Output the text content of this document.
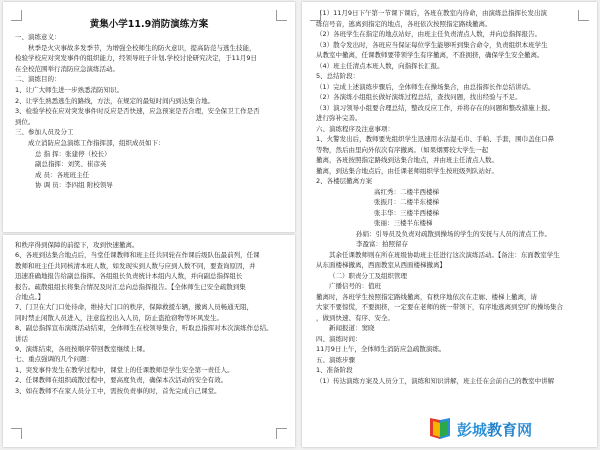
黄集小学11.9消防演练方案
一、演练意义：
秋季是火灾事故多发季节，为增强全校师生的防火意识，提高防范与逃生技能，
检验学校应对突发事件的组织能力，经领导班子计划,学校讨论研究决定，于11月9日
在全校范围举行消防应急演练活动。
二、演练目的：
1、让广大师生进一步熟悉消防知识。
2、让学生熟悉逃生的路线，方法，在规定的最短时间内到达集合地。
3、检验学校在应对突发事件时反应是否快速，应急预案是否合理，安全保卫工作是否
到位。
三、参加人员及分工
成立消防应急演练工作指挥部，组织成员如下：
总 指 挥：张建停（校长）
副总指挥：刘笑、崔彦英
成 员：各班班主任
协 调 员：李四组 附校领导
和秩序得到保障的前提下，攻到快速撤离。
6、各班到达集合地点后，当堂任课教师和班主任共同轮在作课后级队伍最前列，任课
教师和班主任共同核清本班人数，如发现实到人数与应到人数不同，要查询原因，并
迅速准确地报告给副总指挥。各组组长负责统计本组内人数，并向副总指挥组长
报告。疏散组组长将集合情况及时汇总向总指挥报告。【全体师生已安全疏散到集
合地点。】
7、门卫在大门口处待命，维持大门口的秩序，保障救援车辆，撤离人员畅通无阻，
同时禁止闲散人员进入，注意监控出入人员，防止盗抢窃物等坏风发生。
8、副总指挥宣布演练活动结束，全体师生在校领导集合，听取总指挥对本次演练作总结。
讲话
9、演练结束，各班按顺序带回教室继续上课。
七、重点强调的几个问题：
1、突发事件发生在教学过程中，课堂上的任课教师是学生安全第一责任人。
2、任课教师在组织疏散过程中，要高度负责，确保本次活动的安全有效。
3、如在教师不在家人员分工中，需按负责事的时，首先完成自己课堂。
（1）11月9日下午第一节课下课后，各班在教室内待命，由演练总指挥长发出演
练信号音，逃离到指定的地点，各班依次按照指定路线撤离。
（2）各班学生在指定的地点站好，由班主任负责清点人数，并向总指挥报告。
（3）散令发出时，各班应当保证每位学生能够听到集合命令，负责组织本班学生
从教室中撤离，任课教师要带领学生有序撤离，不准拥挤，确保学生安全撤离。
（4）班主任清点本班人数，向指挥长汇报。
5、总结阶段：
（1）完成上述演练步骤后，全体师生在操场集合，由总指挥长作总结讲话。
（2）各演练小组组长做好演练过程总结，查找问题，找出经验与不足。
（3）演习领导小组要合理总结，整改反应工作，并将存在的问题和整改措施上报。
进行弥补完善。
六、演练程序及注意事项：
1、火警发出后，教师要先组织学生迅速用水沾湿毛巾、手帕、手套，围巾盖住口鼻
等物，然后由里向外依次有序撤离。（如果烟雾较大学生一起
撤离，各班按照指定路线到达集合地点，并由班主任清点人数。
撤离，到达集合地点后，由任课老师组织学生按班级列队站好。
2、各楼层撤离方案
高红秀：二楼半西楼梯
张振月：二楼半东楼梯
张丰华：三楼半西楼梯
张丽：三楼半东楼梯
孙娟：引导员及负责对疏散到操场的学生的安抚与人员的清点工作。
李盈富：拍照留存
其余任课教师则在所在班级协助班主任进行这次演练活动。【备注：东面教室学生
从东面楼梯撤离，西面教室从西面楼梯撤离】
（二）职责分工及组织管理
广播信号的：值班
撤离时，各班学生按照指定路线撤离，有秩序地依次在走廊、楼梯上撤离，请
大家不要惊慌，不要拥挤，一定要在老师的统一带领下，有序地逃离到空旷的操场集合
，做到快速、有序、安全。
新闻报道：窦晓
四、演练时间：
11月9日上午，全体师生消防应急疏散演练。
五、演练步骤
1、准备阶段
（1）传达演练方案及人员分工，演练和知识讲解，班主任在会前自己的教室中讲解
彭城教育网
